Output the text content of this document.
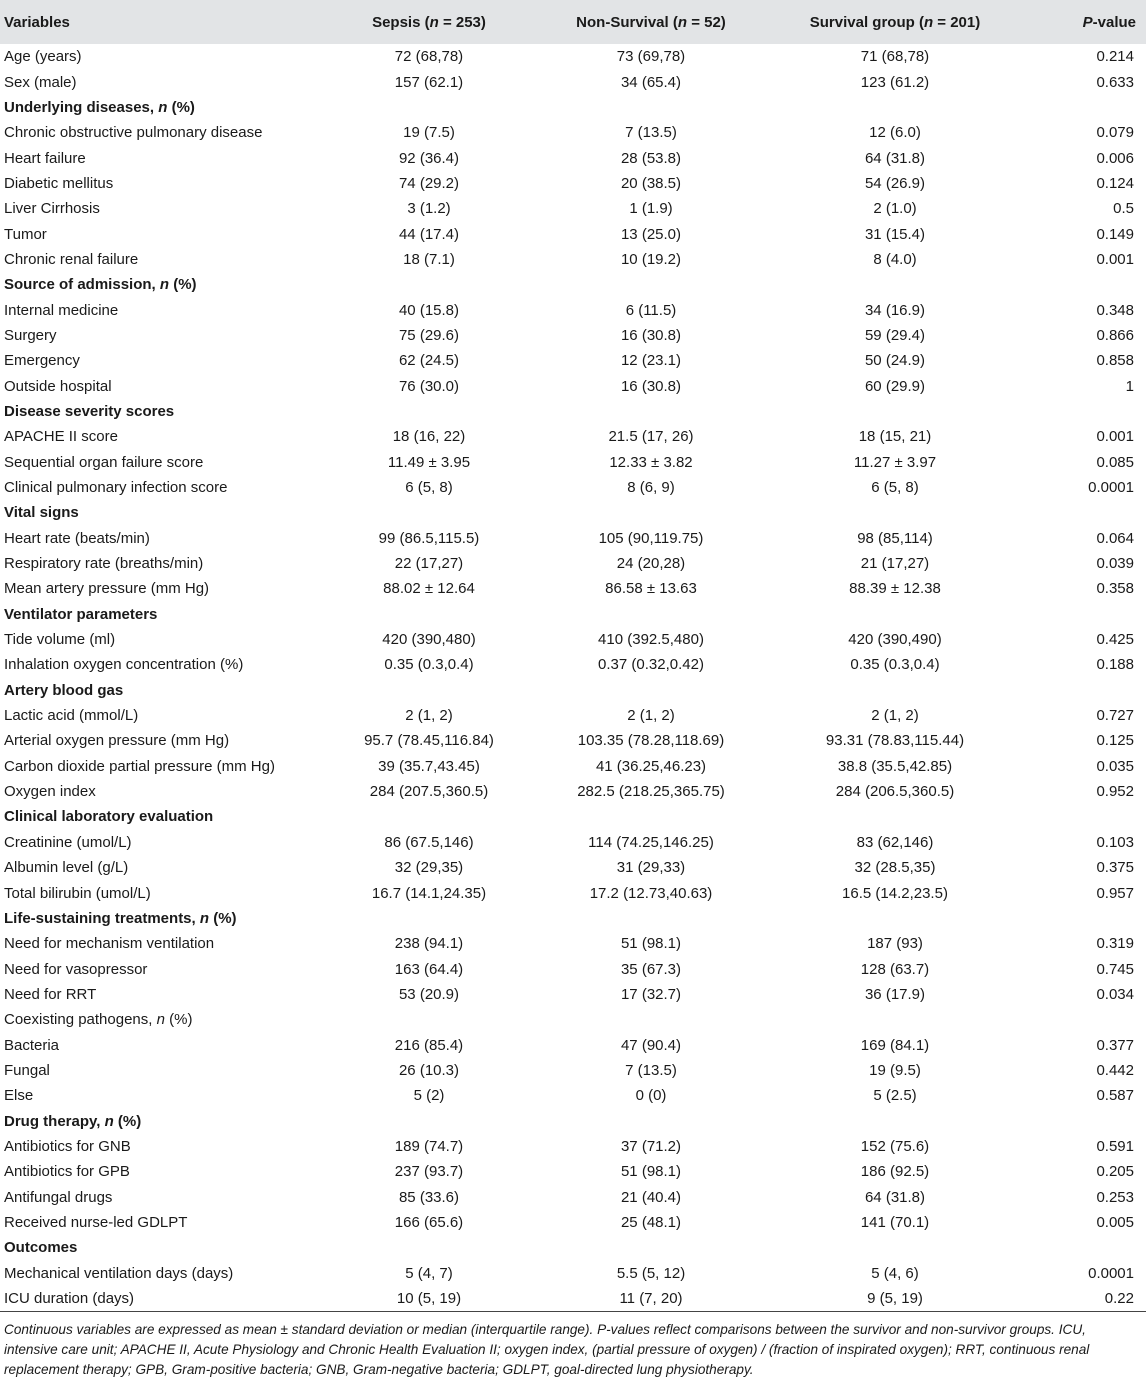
Variables	Sepsis (n = 253)	Non-Survival (n = 52)	Survival group (n = 201)	P-value
Age (years)	72 (68,78)	73 (69,78)	71 (68,78)	0.214
Sex (male)	157 (62.1)	34 (65.4)	123 (61.2)	0.633
Underlying diseases, n (%)				
Chronic obstructive pulmonary disease	19 (7.5)	7 (13.5)	12 (6.0)	0.079
Heart failure	92 (36.4)	28 (53.8)	64 (31.8)	0.006
Diabetic mellitus	74 (29.2)	20 (38.5)	54 (26.9)	0.124
Liver Cirrhosis	3 (1.2)	1 (1.9)	2 (1.0)	0.5
Tumor	44 (17.4)	13 (25.0)	31 (15.4)	0.149
Chronic renal failure	18 (7.1)	10 (19.2)	8 (4.0)	0.001
Source of admission, n (%)				
Internal medicine	40 (15.8)	6 (11.5)	34 (16.9)	0.348
Surgery	75 (29.6)	16 (30.8)	59 (29.4)	0.866
Emergency	62 (24.5)	12 (23.1)	50 (24.9)	0.858
Outside hospital	76 (30.0)	16 (30.8)	60 (29.9)	1
Disease severity scores				
APACHE II score	18 (16, 22)	21.5 (17, 26)	18 (15, 21)	0.001
Sequential organ failure score	11.49 ± 3.95	12.33 ± 3.82	11.27 ± 3.97	0.085
Clinical pulmonary infection score	6 (5, 8)	8 (6, 9)	6 (5, 8)	0.0001
Vital signs				
Heart rate (beats/min)	99 (86.5,115.5)	105 (90,119.75)	98 (85,114)	0.064
Respiratory rate (breaths/min)	22 (17,27)	24 (20,28)	21 (17,27)	0.039
Mean artery pressure (mm Hg)	88.02 ± 12.64	86.58 ± 13.63	88.39 ± 12.38	0.358
Ventilator parameters				
Tide volume (ml)	420 (390,480)	410 (392.5,480)	420 (390,490)	0.425
Inhalation oxygen concentration (%)	0.35 (0.3,0.4)	0.37 (0.32,0.42)	0.35 (0.3,0.4)	0.188
Artery blood gas				
Lactic acid (mmol/L)	2 (1, 2)	2 (1, 2)	2 (1, 2)	0.727
Arterial oxygen pressure (mm Hg)	95.7 (78.45,116.84)	103.35 (78.28,118.69)	93.31 (78.83,115.44)	0.125
Carbon dioxide partial pressure (mm Hg)	39 (35.7,43.45)	41 (36.25,46.23)	38.8 (35.5,42.85)	0.035
Oxygen index	284 (207.5,360.5)	282.5 (218.25,365.75)	284 (206.5,360.5)	0.952
Clinical laboratory evaluation				
Creatinine (umol/L)	86 (67.5,146)	114 (74.25,146.25)	83 (62,146)	0.103
Albumin level (g/L)	32 (29,35)	31 (29,33)	32 (28.5,35)	0.375
Total bilirubin (umol/L)	16.7 (14.1,24.35)	17.2 (12.73,40.63)	16.5 (14.2,23.5)	0.957
Life-sustaining treatments, n (%)				
Need for mechanism ventilation	238 (94.1)	51 (98.1)	187 (93)	0.319
Need for vasopressor	163 (64.4)	35 (67.3)	128 (63.7)	0.745
Need for RRT	53 (20.9)	17 (32.7)	36 (17.9)	0.034
Coexisting pathogens, n (%)				
Bacteria	216 (85.4)	47 (90.4)	169 (84.1)	0.377
Fungal	26 (10.3)	7 (13.5)	19 (9.5)	0.442
Else	5 (2)	0 (0)	5 (2.5)	0.587
Drug therapy, n (%)				
Antibiotics for GNB	189 (74.7)	37 (71.2)	152 (75.6)	0.591
Antibiotics for GPB	237 (93.7)	51 (98.1)	186 (92.5)	0.205
Antifungal drugs	85 (33.6)	21 (40.4)	64 (31.8)	0.253
Received nurse-led GDLPT	166 (65.6)	25 (48.1)	141 (70.1)	0.005
Outcomes				
Mechanical ventilation days (days)	5 (4, 7)	5.5 (5, 12)	5 (4, 6)	0.0001
ICU duration (days)	10 (5, 19)	11 (7, 20)	9 (5, 19)	0.22
Continuous variables are expressed as mean ± standard deviation or median (interquartile range). P-values reflect comparisons between the survivor and non-survivor groups. ICU, intensive care unit; APACHE II, Acute Physiology and Chronic Health Evaluation II; oxygen index, (partial pressure of oxygen) / (fraction of inspirated oxygen); RRT, continuous renal replacement therapy; GPB, Gram-positive bacteria; GNB, Gram-negative bacteria; GDLPT, goal-directed lung physiotherapy.
